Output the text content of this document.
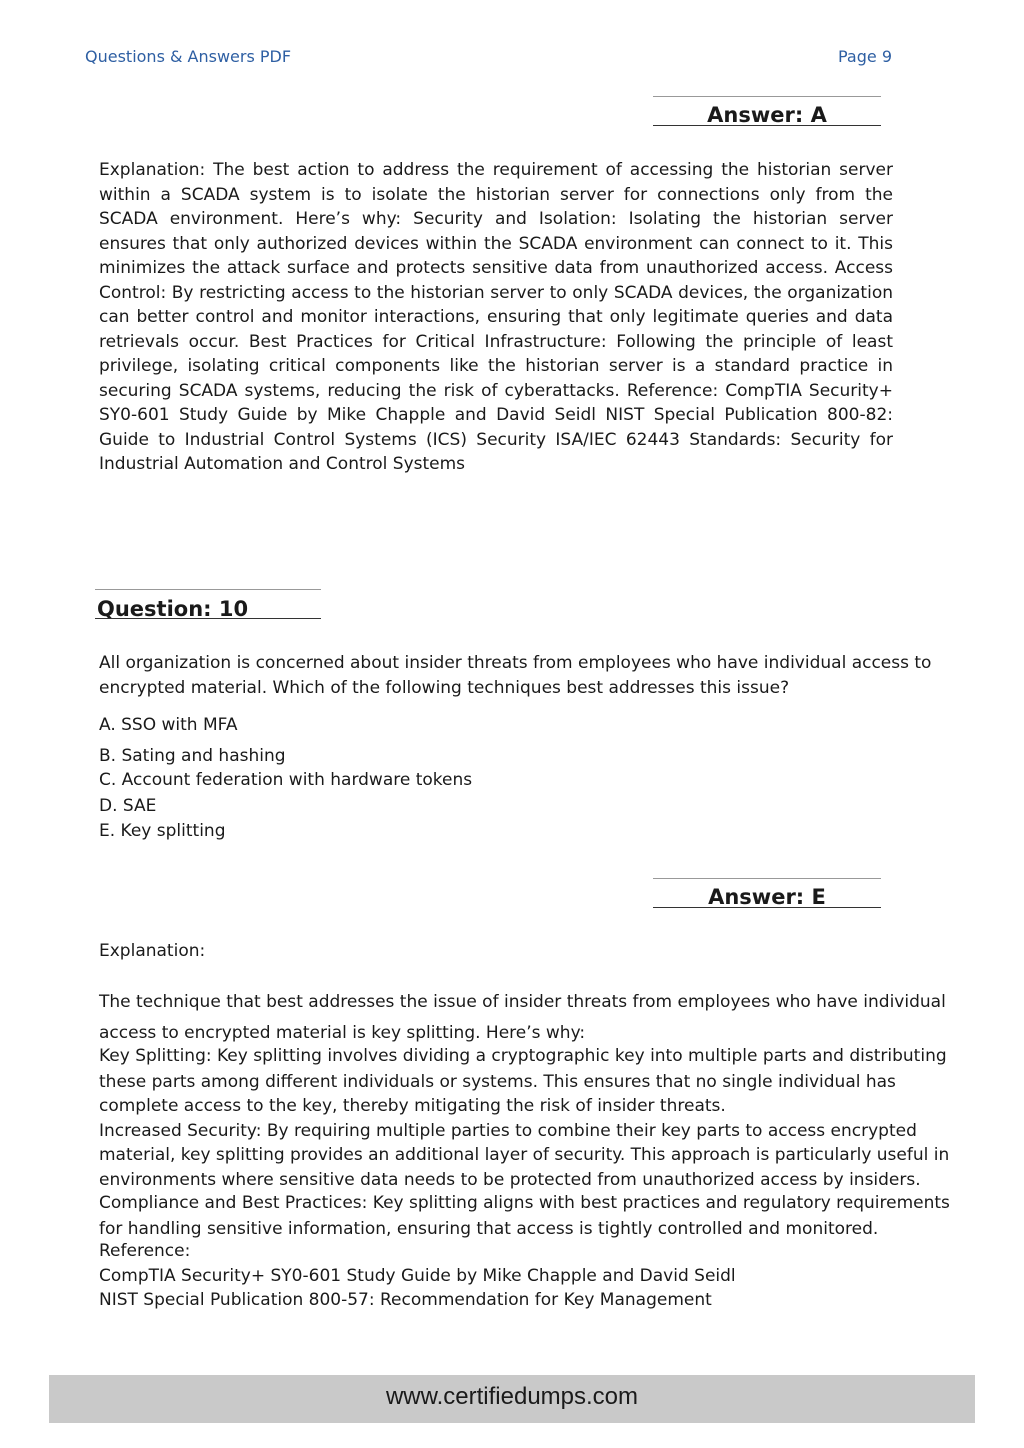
Questions & Answers PDF	Page 9
Answer: A
Explanation: The best action to address the requirement of accessing the historian server within a SCADA system is to isolate the historian server for connections only from the SCADA environment. Here’s why: Security and Isolation: Isolating the historian server ensures that only authorized devices within the SCADA environment can connect to it. This minimizes the attack surface and protects sensitive data from unauthorized access. Access Control: By restricting access to the historian server to only SCADA devices, the organization can better control and monitor interactions, ensuring that only legitimate queries and data retrievals occur. Best Practices for Critical Infrastructure: Following the principle of least privilege, isolating critical components like the historian server is a standard practice in securing SCADA systems, reducing the risk of cyberattacks. Reference: CompTIA Security+ SY0-601 Study Guide by Mike Chapple and David Seidl NIST Special Publication 800-82: Guide to Industrial Control Systems (ICS) Security ISA/IEC 62443 Standards: Security for Industrial Automation and Control Systems
Question: 10
All organization is concerned about insider threats from employees who have individual access to encrypted material. Which of the following techniques best addresses this issue?
A. SSO with MFA
B. Sating and hashing
C. Account federation with hardware tokens
D. SAE
E. Key splitting
Answer: E
Explanation:
The technique that best addresses the issue of insider threats from employees who have individual
access to encrypted material is key splitting. Here’s why:
Key Splitting: Key splitting involves dividing a cryptographic key into multiple parts and distributing
these parts among different individuals or systems. This ensures that no single individual has
complete access to the key, thereby mitigating the risk of insider threats.
Increased Security: By requiring multiple parties to combine their key parts to access encrypted
material, key splitting provides an additional layer of security. This approach is particularly useful in
environments where sensitive data needs to be protected from unauthorized access by insiders.
Compliance and Best Practices: Key splitting aligns with best practices and regulatory requirements
for handling sensitive information, ensuring that access is tightly controlled and monitored.
Reference:
CompTIA Security+ SY0-601 Study Guide by Mike Chapple and David Seidl
NIST Special Publication 800-57: Recommendation for Key Management
www.certifiedumps.com
